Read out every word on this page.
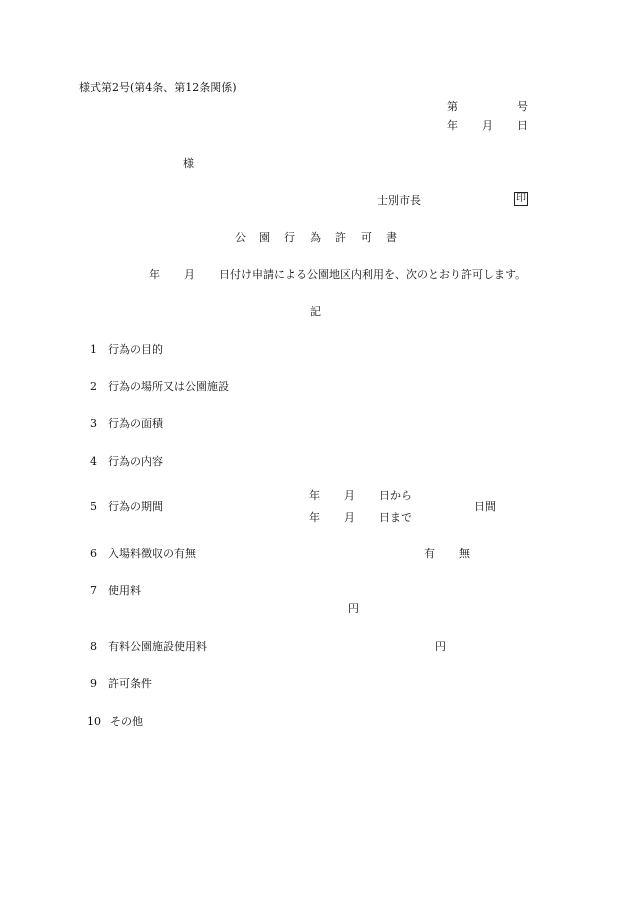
様式第2号(第4条、第12条関係)
第	号
年 月 日
様
士別市長	印
公 園 行 為 許 可 書
年 月 日付け申請による公園地区内利用を、次のとおり許可します。
記
1 行為の目的
2 行為の場所又は公園施設
3 行為の面積
4 行為の内容
5 行為の期間
年 月 日から
年 月 日まで
日間
6 入場料徴収の有無	有 無
7 使用料
円
8 有料公園施設使用料	円
9 許可条件
10 その他
